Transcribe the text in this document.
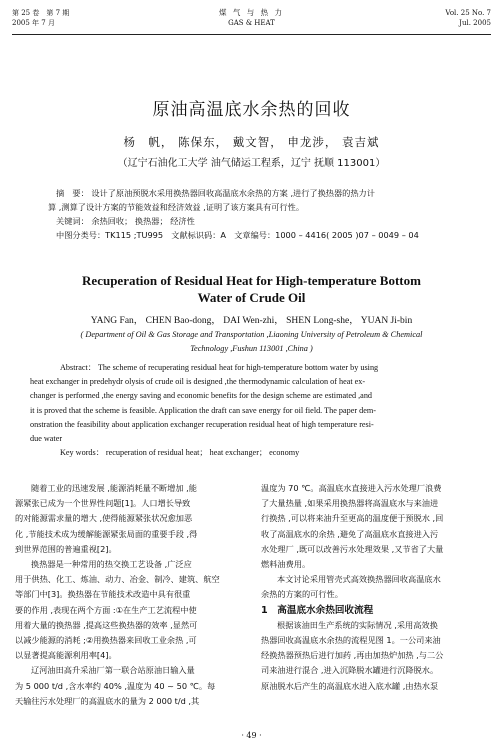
第 25 卷　第 7 期
2005 年 7 月
煤 气 与 热 力
GAS & HEAT
Vol. 25 No. 7
Jul. 2005
原油高温底水余热的回收
杨　帆， 陈保东， 戴文智， 申龙涉， 袁吉斌
（辽宁石油化工大学 油气储运工程系，辽宁 抚顺 113001）
摘　要： 设计了原油预脱水采用换热器回收高温底水余热的方案 ,进行了换热器的热力计
算 ,测算了设计方案的节能效益和经济效益 ,证明了该方案具有可行性。
关键词： 余热回收； 换热器； 经济性
中图分类号：TK115 ;TU995　文献标识码：A　文章编号：1000 – 4416( 2005 )07 – 0049 – 04
Recuperation of Residual Heat for High-temperature Bottom
Water of Crude Oil
YANG Fan， CHEN Bao-dong， DAI Wen-zhi， SHEN Long-she， YUAN Ji-bin
( Department of Oil & Gas Storage and Transportation ,Liaoning University of Petroleum & Chemical
Technology ,Fushun 113001 ,China )
Abstract： The scheme of recuperating residual heat for high-temperature bottom water by using
heat exchanger in predehydr olysis of crude oil is designed ,the thermodynamic calculation of heat ex-
changer is performed ,the energy saving and economic benefits for the design scheme are estimated ,and
it is proved that the scheme is feasible. Application the draft can save energy for oil field. The paper dem-
onstration the feasibility about application exchanger recuperation residual heat of high temperature resi-
due water
Key words： recuperation of residual heat； heat exchanger； economy
随着工业的迅速发展 ,能源消耗量不断增加 ,能
源紧张已成为一个世界性问题[1]。人口增长导致
的对能源需求量的增大 ,使得能源紧张状况愈加恶
化 ,节能技术成为缓解能源紧张局面的重要手段 ,得
到世界范围的普遍重视[2]。
换热器是一种常用的热交换工艺设备 ,广泛应
用于供热、化工、炼油、动力、冶金、制冷、建筑、航空
等部门中[3]。换热器在节能技术改造中具有很重
要的作用 ,表现在两个方面 :①在生产工艺流程中使
用着大量的换热器 ,提高这些换热器的效率 ,显然可
以减少能源的消耗 ;②用换热器来回收工业余热 ,可
以显著提高能源利用率[4]。
辽河油田高升采油厂第一联合站原油日输入量
为 5 000 t/d ,含水率约 40% ,温度为 40 ~ 50 ℃。每
天输往污水处理厂的高温底水的量为 2 000 t/d ,其
温度为 70 ℃。高温底水直接进入污水处理厂浪费
了大量热量 ,如果采用换热器将高温底水与来油进
行换热 ,可以将来油升至更高的温度便于预脱水 ,回
收了高温底水的余热 ,避免了高温底水直接进入污
水处理厂 ,既可以改善污水处理效果 ,又节省了大量
燃料油费用。
本文讨论采用管壳式高效换热器回收高温底水
余热的方案的可行性。
1　高温底水余热回收流程
根据该油田生产系统的实际情况 ,采用高效换
热器回收高温底水余热的流程见图 1。一公司来油
经换热器预热后进行加药 ,再由加热炉加热 ,与二公
司来油进行混合 ,进入沉降脱水罐进行沉降脱水。
原油脱水后产生的高温底水进入底水罐 ,由热水泵
· 49 ·
